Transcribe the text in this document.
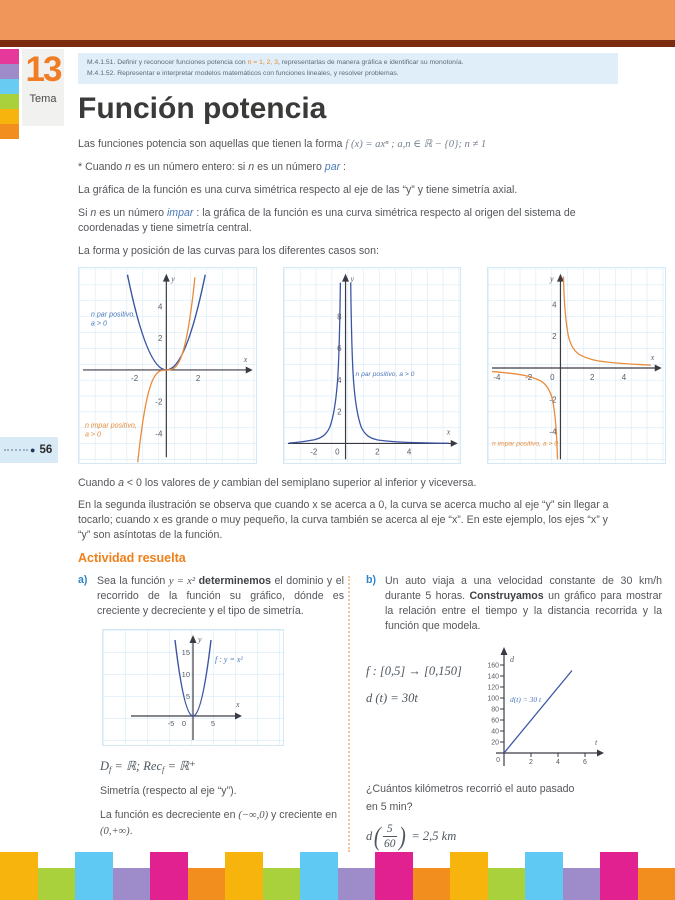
13
Tema

M.4.1.51. Definir y reconocer funciones potencia con n = 1, 2, 3, representarlas de manera gráfica e identificar su monotonía.

M.4.1.52. Representar e interpretar modelos matemáticos con funciones lineales, y resolver problemas.

Función potencia

Las funciones potencia son aquellas que tienen la forma f (x) = axⁿ ; a,n ∈ ℝ − {0}; n ≠ 1

* Cuando n es un número entero: si n es un número par :

La gráfica de la función es una curva simétrica respecto al eje de las “y” y tiene simetría axial.

Si n es un número impar : la gráfica de la función es una curva simétrica respecto al origen del sistema de coordenadas y tiene simetría central.

La forma y posición de las curvas para los diferentes casos son:

-2	2
4
2
-2
-4
y
x
n par positivo,
a > 0
n impar positivo,
a > 0
0
-2	2	4
8
6
4
2
y
x
n par positivo, a > 0	0
-4	-2	2	4
4
2
-2
-4
y
x
n impar positivo, a > 0

Cuando a < 0 los valores de y cambian del semiplano superior al inferior y viceversa.

En la segunda ilustración se observa que cuando x se acerca a 0, la curva se acerca mucho al eje “y” sin llegar a tocarlo; cuando x es grande o muy pequeño, la curva también se acerca al eje “x”. En este ejemplo, los ejes “x” y “y” son asíntotas de la función.

Actividad resuelta
a) Sea la función y = x² determinemos el dominio y el recorrido de la función su gráfico, dónde es creciente y decreciente y el tipo de simetría.
-5 0	5
15
10
5
y
x
f : y = x²
Df = ℝ; Recf = ℝ⁺

Simetría (respecto al eje “y”).

La función es decreciente en (−∞,0) y creciente en (0,+∞).

b) Un auto viaja a una velocidad constante de 30 km/h durante 5 horas. Construyamos un gráfico para mostrar la relación entre el tiempo y la distancia recorrida y la función que modela.
f : [0,5] → [0,150]
d (t) = 30t
160
140
120
100
80
60
40
20
2	4	6
0
d
t
d(t) = 30 t

¿Cuántos kilómetros recorrió el auto pasado

en 5 min?

d ( $\frac{5}{60}$ ) = 2,5 km
● 56
